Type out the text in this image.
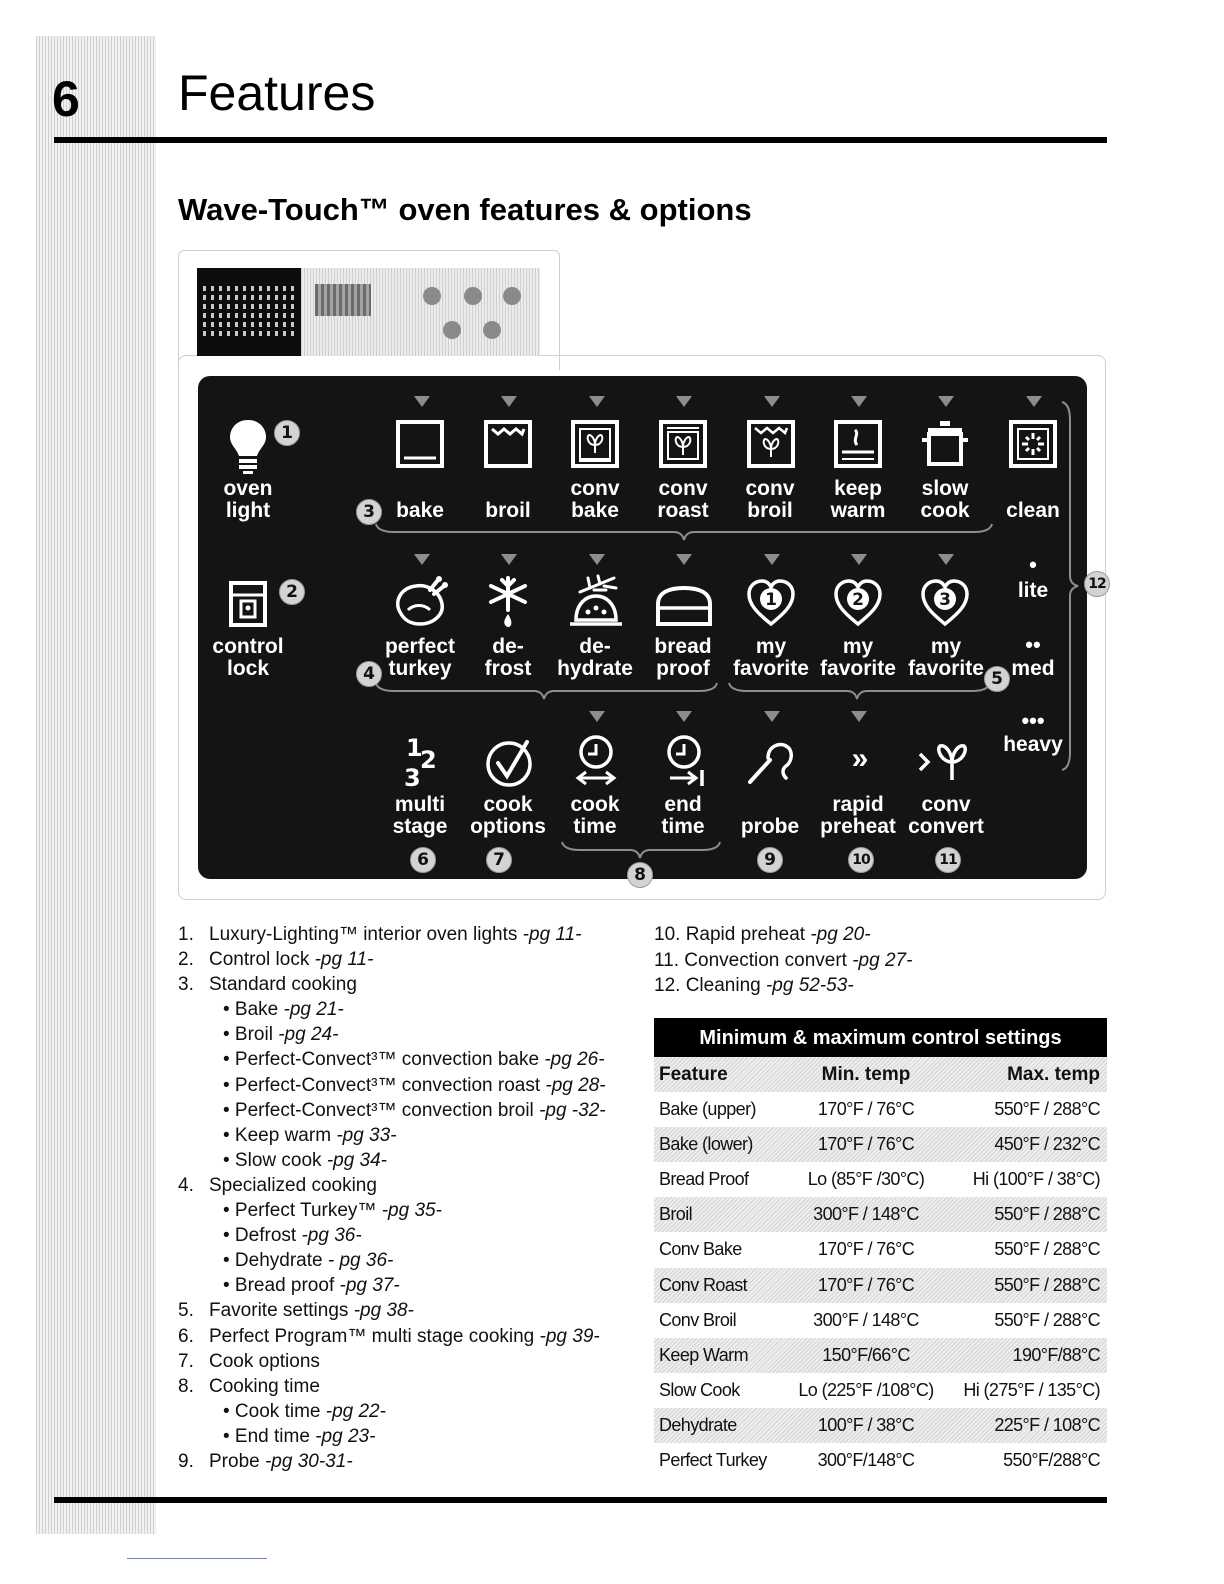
6 Features
Wave-Touch™ oven features & options
oven
light
	bake
	broil
conv
bake
conv
roast
conv
broil
keep
warm
slow
cook
	clean
1	2	3
control
lock
perfect
turkey
de-
frost
de-
hydrate
bread
proof
my
favorite
my
favorite
my
favorite
•
lite
••
med
•••
heavy
1
2
3
»
multi
stage
cook
options
cook
time
end
time
	probe
rapid
preheat
conv
convert
1
2
3
4	5
6	7
8
9	10	11
12
1. Luxury-Lighting™ interior oven lights -pg 11-
2. Control lock -pg 11-
3. Standard cooking
• Bake -pg 21-
• Broil -pg 24-
• Perfect-Convect³™ convection bake -pg 26-
• Perfect-Convect³™ convection roast -pg 28-
• Perfect-Convect³™ convection broil -pg -32-
• Keep warm -pg 33-
• Slow cook -pg 34-
4. Specialized cooking
• Perfect Turkey™ -pg 35-
• Defrost -pg 36-
• Dehydrate - pg 36-
• Bread proof -pg 37-
5. Favorite settings -pg 38-
6. Perfect Program™ multi stage cooking -pg 39-
7. Cook options
8. Cooking time
• Cook time -pg 22-
• End time -pg 23-
9. Probe -pg 30-31-
10. Rapid preheat -pg 20-
11. Convection convert -pg 27-
12. Cleaning -pg 52-53-
Minimum & maximum control settings
Feature	Min. temp	Max. temp
Bake (upper)	170°F / 76°C	550°F / 288°C
Bake (lower)	170°F / 76°C	450°F / 232°C
Bread Proof	Lo (85°F /30°C)	Hi (100°F / 38°C)
Broil	300°F / 148°C	550°F / 288°C
Conv Bake	170°F / 76°C	550°F / 288°C
Conv Roast	170°F / 76°C	550°F / 288°C
Conv Broil	300°F / 148°C	550°F / 288°C
Keep Warm	150°F/66°C	190°F/88°C
Slow Cook	Lo (225°F /108°C) Hi (275°F / 135°C)
Dehydrate	100°F / 38°C	225°F / 108°C
Perfect Turkey	300°F/148°C	550°F/288°C
